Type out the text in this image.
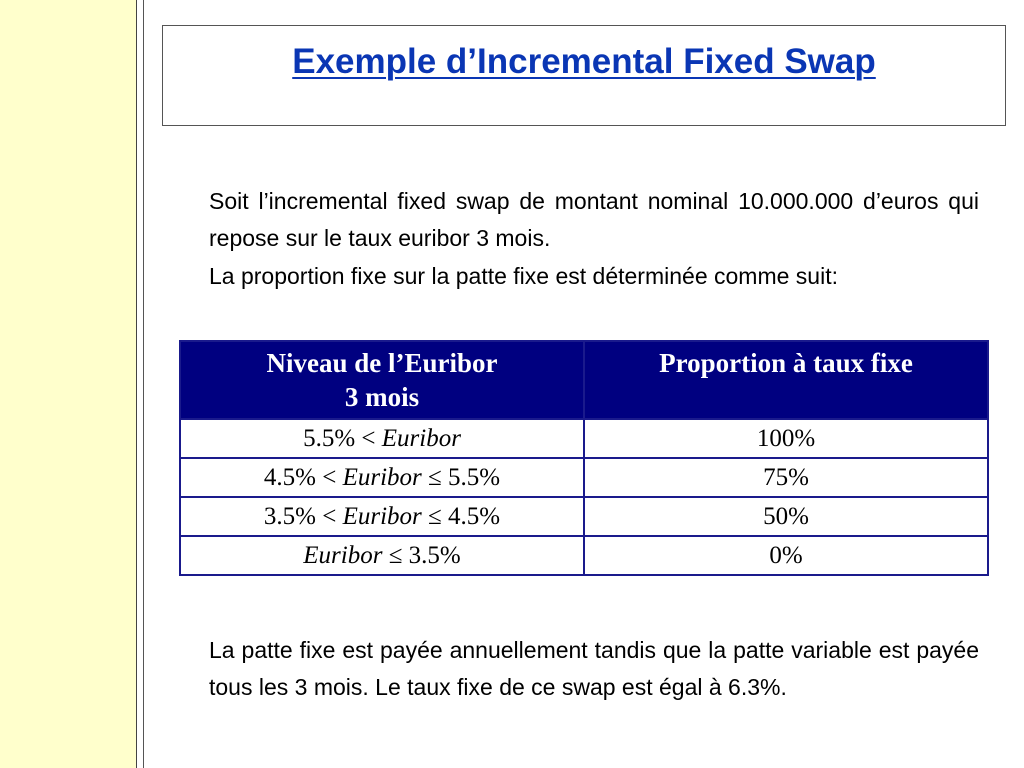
Exemple d’Incremental Fixed Swap

Soit l’incremental fixed swap de montant nominal 10.000.000 d’euros qui repose sur le taux euribor 3 mois.

La proportion fixe sur la patte fixe est déterminée comme suit:

Niveau de l’Euribor
3 mois	Proportion à taux fixe

5.5% < Euribor	100%
4.5% < Euribor ≤ 5.5%	75%
3.5% < Euribor ≤ 4.5%	50%
Euribor ≤ 3.5%	0%

La patte fixe est payée annuellement tandis que la patte variable est payée tous les 3 mois. Le taux fixe de ce swap est égal à 6.3%.
